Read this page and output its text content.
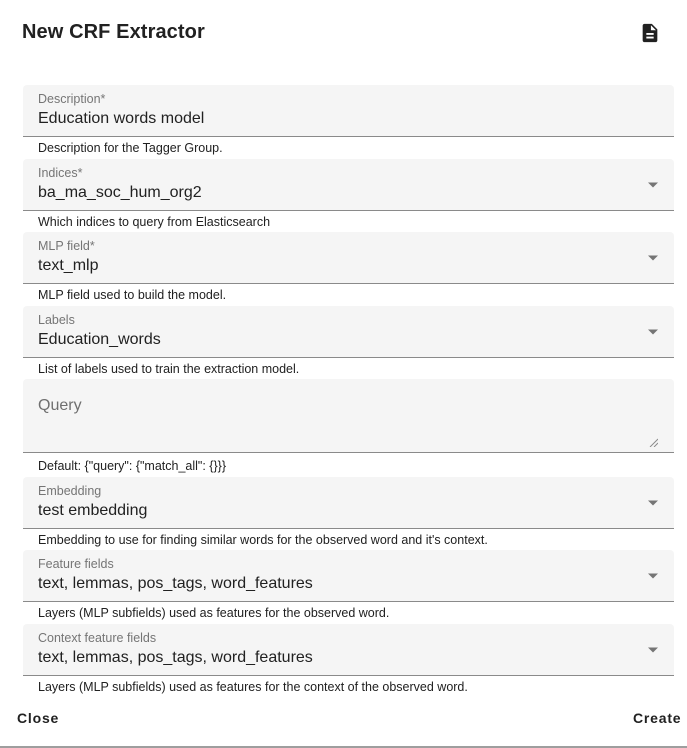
New CRF Extractor
Description*
Education words model
Description for the Tagger Group.
Indices*
ba_ma_soc_hum_org2
Which indices to query from Elasticsearch
MLP field*
text_mlp
MLP field used to build the model.
Labels
Education_words
List of labels used to train the extraction model.
Query
Default: {"query": {"match_all": {}}}
Embedding
test embedding
Embedding to use for finding similar words for the observed word and it's context.
Feature fields
text, lemmas, pos_tags, word_features
Layers (MLP subfields) used as features for the observed word.
Context feature fields
text, lemmas, pos_tags, word_features
Layers (MLP subfields) used as features for the context of the observed word.
Close	Create
